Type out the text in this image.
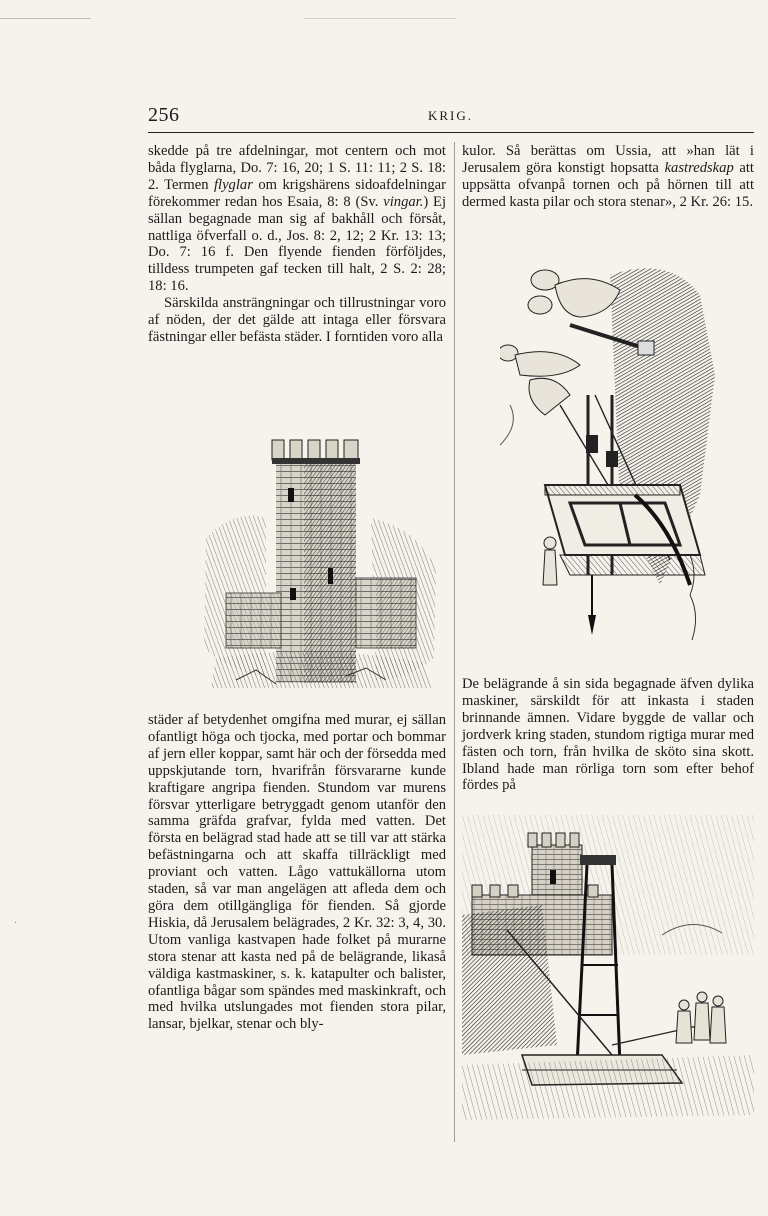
256	KRIG.

skedde på tre afdelningar, mot centern och mot båda flyglarna, Do. 7: 16, 20; 1 S. 11: 11; 2 S. 18: 2. Termen flyglar om krigshärens sidoafdelningar förekommer redan hos Esaia, 8: 8 (Sv. vingar.) Ej sällan begagnade man sig af bakhåll och försåt, nattliga öfverfall o. d., Jos. 8: 2, 12; 2 Kr. 13: 13; Do. 7: 16 f. Den flyende fienden förföljdes, tilldess trumpeten gaf tecken till halt, 2 S. 2: 28; 18: 16.

Särskilda ansträngningar och tillrustningar voro af nöden, der det gälde att intaga eller försvara fästningar eller befästa städer. I forntiden voro alla

städer af betydenhet omgifna med murar, ej sällan ofantligt höga och tjocka, med portar och bommar af jern eller koppar, samt här och der försedda med uppskjutande torn, hvarifrån försvararne kunde kraftigare angripa fienden. Stundom var murens försvar ytterligare betryggadt genom utanför den samma gräfda grafvar, fylda med vatten. Det första en belägrad stad hade att se till var att stärka befästningarna och att skaffa tillräckligt med proviant och vatten. Lågo vattukällorna utom staden, så var man angelägen att afleda dem och göra dem otillgängliga för fienden. Så gjorde Hiskia, då Jerusalem belägrades, 2 Kr. 32: 3, 4, 30. Utom vanliga kastvapen hade folket på murarne stora stenar att kasta ned på de belägrande, likaså väldiga kastmaskiner, s. k. katapulter och balister, ofantliga bågar som spändes med maskinkraft, och med hvilka utslungades mot fienden stora pilar, lansar, bjelkar, stenar och bly-

kulor. Så berättas om Ussia, att »han lät i Jerusalem göra konstigt hopsatta kastredskap att uppsätta ofvanpå tornen och på hörnen till att dermed kasta pilar och stora stenar», 2 Kr. 26: 15.

De belägrande å sin sida begagnade äfven dylika maskiner, särskildt för att inkasta i staden brinnande ämnen. Vidare byggde de vallar och jordverk kring staden, stundom rigtiga murar med fästen och torn, från hvilka de sköto sina skott. Ibland hade man rörliga torn som efter behof fördes på

·
